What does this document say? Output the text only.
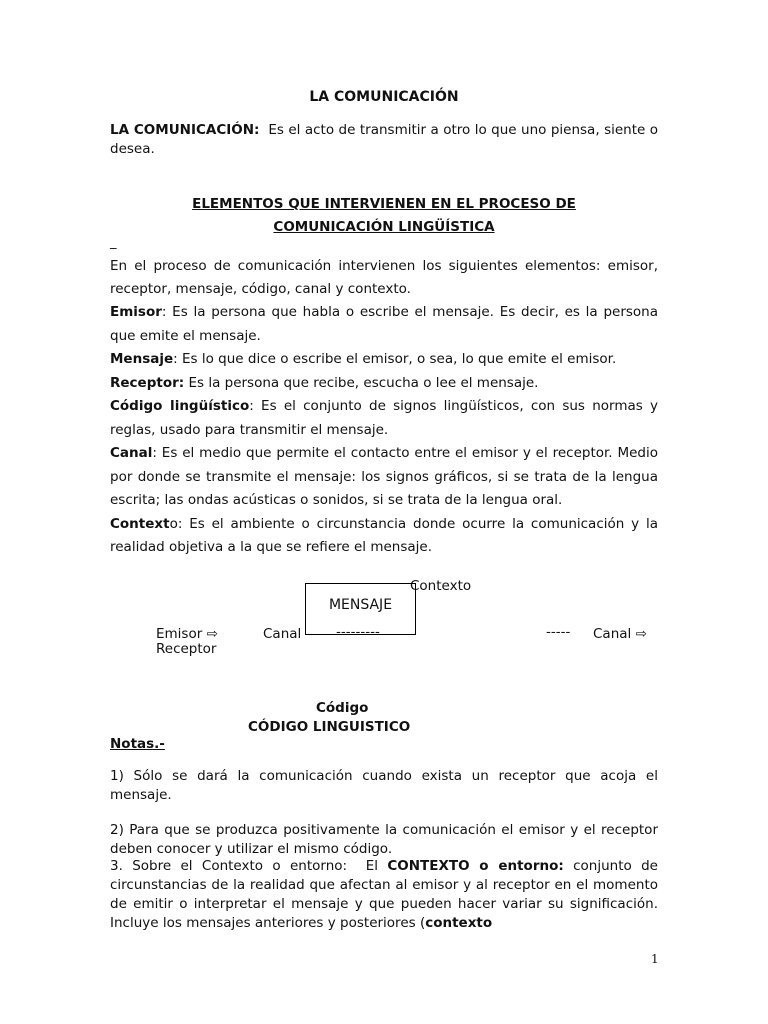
LA COMUNICACIÓN
LA COMUNICACIÓN: Es el acto de transmitir a otro lo que uno piensa, siente o desea.
ELEMENTOS QUE INTERVIENEN EN EL PROCESO DE
COMUNICACIÓN LINGÜÍSTICA
_
En el proceso de comunicación intervienen los siguientes elementos: emisor, receptor, mensaje, código, canal y contexto.
Emisor: Es la persona que habla o escribe el mensaje. Es decir, es la persona que emite el mensaje.
Mensaje: Es lo que dice o escribe el emisor, o sea, lo que emite el emisor.
Receptor: Es la persona que recibe, escucha o lee el mensaje.
Código lingüístico: Es el conjunto de signos lingüísticos, con sus normas y reglas, usado para transmitir el mensaje.
Canal: Es el medio que permite el contacto entre el emisor y el receptor. Medio por donde se transmite el mensaje: los signos gráficos, si se trata de la lengua escrita; las ondas acústicas o sonidos, si se trata de la lengua oral.
Contexto: Es el ambiente o circunstancia donde ocurre la comunicación y la realidad objetiva a la que se refiere el mensaje.
Contexto
MENSAJE
Emisor ⇨	Canal	---------	----- Canal ⇨
Receptor
Código
CÓDIGO LINGUISTICO
Notas.-
1) Sólo se dará la comunicación cuando exista un receptor que acoja el mensaje.
2) Para que se produzca positivamente la comunicación el emisor y el receptor deben conocer y utilizar el mismo código.
3. Sobre el Contexto o entorno: El CONTEXTO o entorno: conjunto de circunstancias de la realidad que afectan al emisor y al receptor en el momento de emitir o interpretar el mensaje y que pueden hacer variar su significación. Incluye los mensajes anteriores y posteriores (contexto
1
